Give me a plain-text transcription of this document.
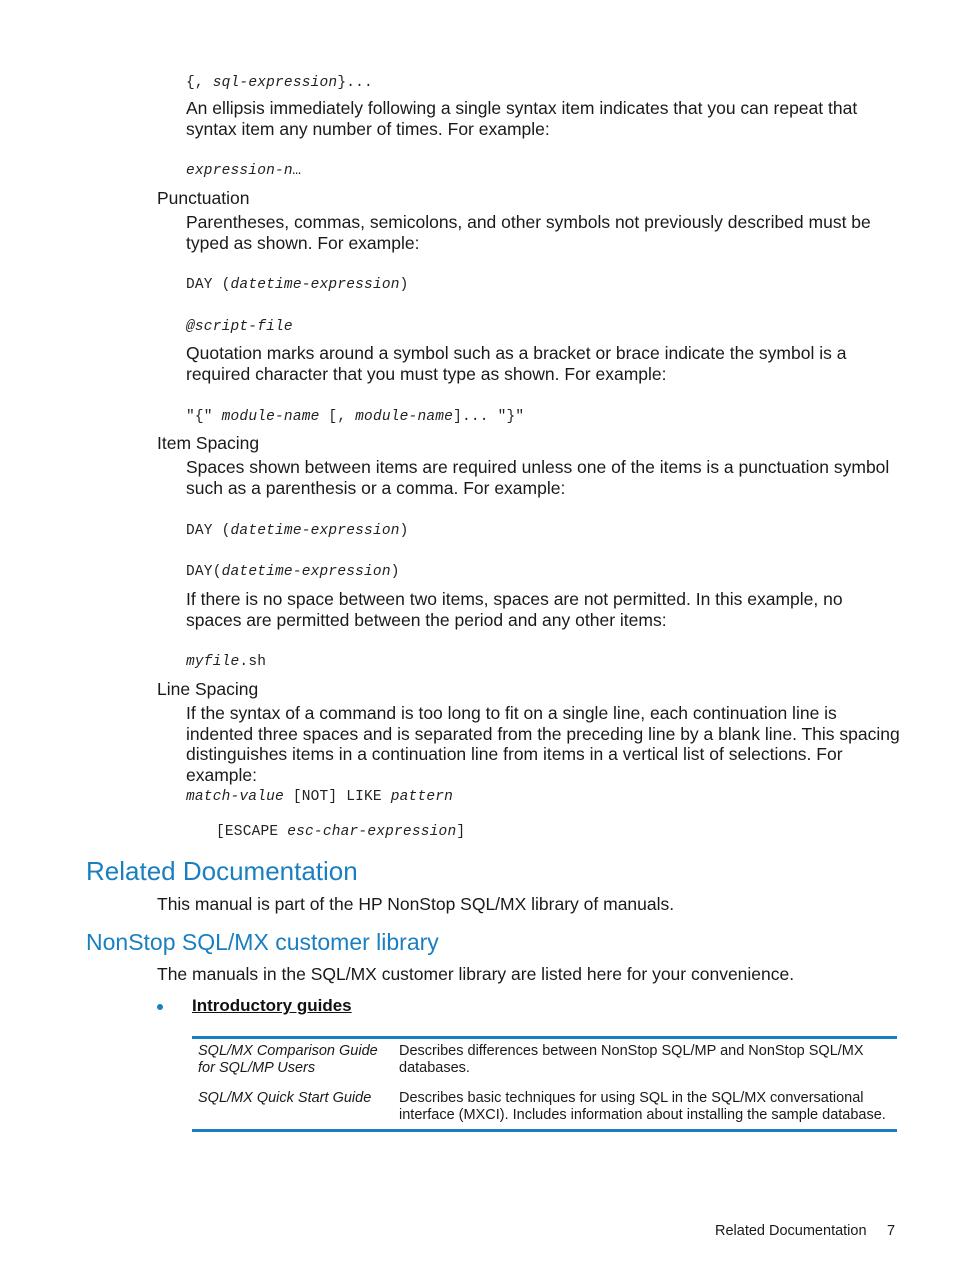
{, sql-expression}...
An ellipsis immediately following a single syntax item indicates that you can repeat that syntax item any number of times. For example:
expression-n…
Punctuation
Parentheses, commas, semicolons, and other symbols not previously described must be typed as shown. For example:
DAY (datetime-expression)
@script-file
Quotation marks around a symbol such as a bracket or brace indicate the symbol is a required character that you must type as shown. For example:
"{" module-name [, module-name]... "}"
Item Spacing
Spaces shown between items are required unless one of the items is a punctuation symbol such as a parenthesis or a comma. For example:
DAY (datetime-expression)
DAY(datetime-expression)
If there is no space between two items, spaces are not permitted. In this example, no spaces are permitted between the period and any other items:
myfile.sh
Line Spacing
If the syntax of a command is too long to fit on a single line, each continuation line is indented three spaces and is separated from the preceding line by a blank line. This spacing distinguishes items in a continuation line from items in a vertical list of selections. For example:
match-value [NOT] LIKE pattern
[ESCAPE esc-char-expression]
Related Documentation
This manual is part of the HP NonStop SQL/MX library of manuals.
NonStop SQL/MX customer library
The manuals in the SQL/MX customer library are listed here for your convenience.
Introductory guides
SQL/MX Comparison Guide for SQL/MP Users
Describes differences between NonStop SQL/MP and NonStop SQL/MX databases.
SQL/MX Quick Start Guide	Describes basic techniques for using SQL in the SQL/MX conversational interface (MXCI). Includes information about installing the sample database.
Related Documentation 7
